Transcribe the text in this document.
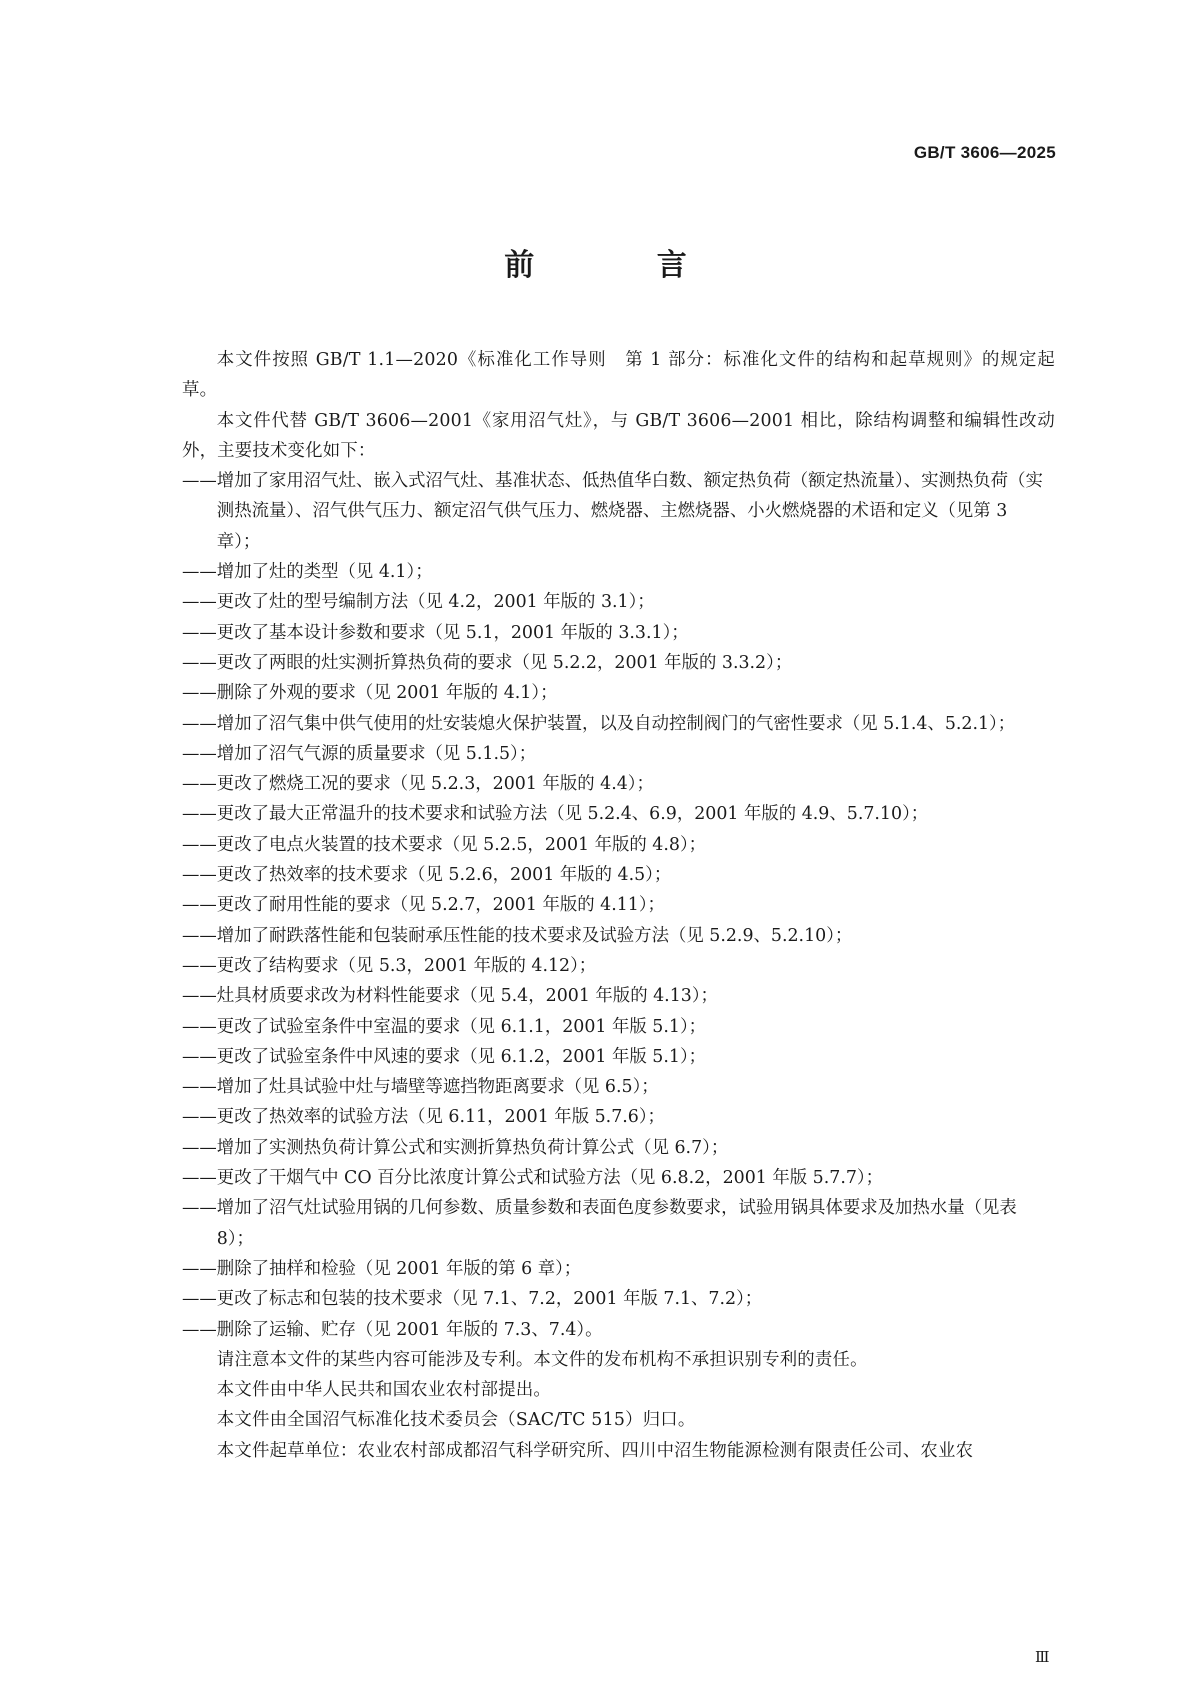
GB/T 3606—2025
前 言

本文件按照 GB/T 1.1—2020《标准化工作导则　第 1 部分：标准化文件的结构和起草规则》的规定起草。

本文件代替 GB/T 3606—2001《家用沼气灶》，与 GB/T 3606—2001 相比，除结构调整和编辑性改动外，主要技术变化如下：

——增加了家用沼气灶、嵌入式沼气灶、基准状态、低热值华白数、额定热负荷（额定热流量）、实测热负荷（实测热流量）、沼气供气压力、额定沼气供气压力、燃烧器、主燃烧器、小火燃烧器的术语和定义（见第 3 章）；

——增加了灶的类型（见 4.1）；

——更改了灶的型号编制方法（见 4.2，2001 年版的 3.1）；

——更改了基本设计参数和要求（见 5.1，2001 年版的 3.3.1）；

——更改了两眼的灶实测折算热负荷的要求（见 5.2.2，2001 年版的 3.3.2）；

——删除了外观的要求（见 2001 年版的 4.1）；

——增加了沼气集中供气使用的灶安装熄火保护装置，以及自动控制阀门的气密性要求（见 5.1.4、5.2.1）；

——增加了沼气气源的质量要求（见 5.1.5）；

——更改了燃烧工况的要求（见 5.2.3，2001 年版的 4.4）；

——更改了最大正常温升的技术要求和试验方法（见 5.2.4、6.9，2001 年版的 4.9、5.7.10）；

——更改了电点火装置的技术要求（见 5.2.5，2001 年版的 4.8）；

——更改了热效率的技术要求（见 5.2.6，2001 年版的 4.5）；

——更改了耐用性能的要求（见 5.2.7，2001 年版的 4.11）；

——增加了耐跌落性能和包装耐承压性能的技术要求及试验方法（见 5.2.9、5.2.10）；

——更改了结构要求（见 5.3，2001 年版的 4.12）；

——灶具材质要求改为材料性能要求（见 5.4，2001 年版的 4.13）；

——更改了试验室条件中室温的要求（见 6.1.1，2001 年版 5.1）；

——更改了试验室条件中风速的要求（见 6.1.2，2001 年版 5.1）；

——增加了灶具试验中灶与墙壁等遮挡物距离要求（见 6.5）；

——更改了热效率的试验方法（见 6.11，2001 年版 5.7.6）；

——增加了实测热负荷计算公式和实测折算热负荷计算公式（见 6.7）；

——更改了干烟气中 CO 百分比浓度计算公式和试验方法（见 6.8.2，2001 年版 5.7.7）；

——增加了沼气灶试验用锅的几何参数、质量参数和表面色度参数要求，试验用锅具体要求及加热水量（见表 8）；

——删除了抽样和检验（见 2001 年版的第 6 章）；

——更改了标志和包装的技术要求（见 7.1、7.2，2001 年版 7.1、7.2）；

——删除了运输、贮存（见 2001 年版的 7.3、7.4）。

请注意本文件的某些内容可能涉及专利。本文件的发布机构不承担识别专利的责任。

本文件由中华人民共和国农业农村部提出。

本文件由全国沼气标准化技术委员会（SAC/TC 515）归口。

本文件起草单位：农业农村部成都沼气科学研究所、四川中沼生物能源检测有限责任公司、农业农

Ⅲ
